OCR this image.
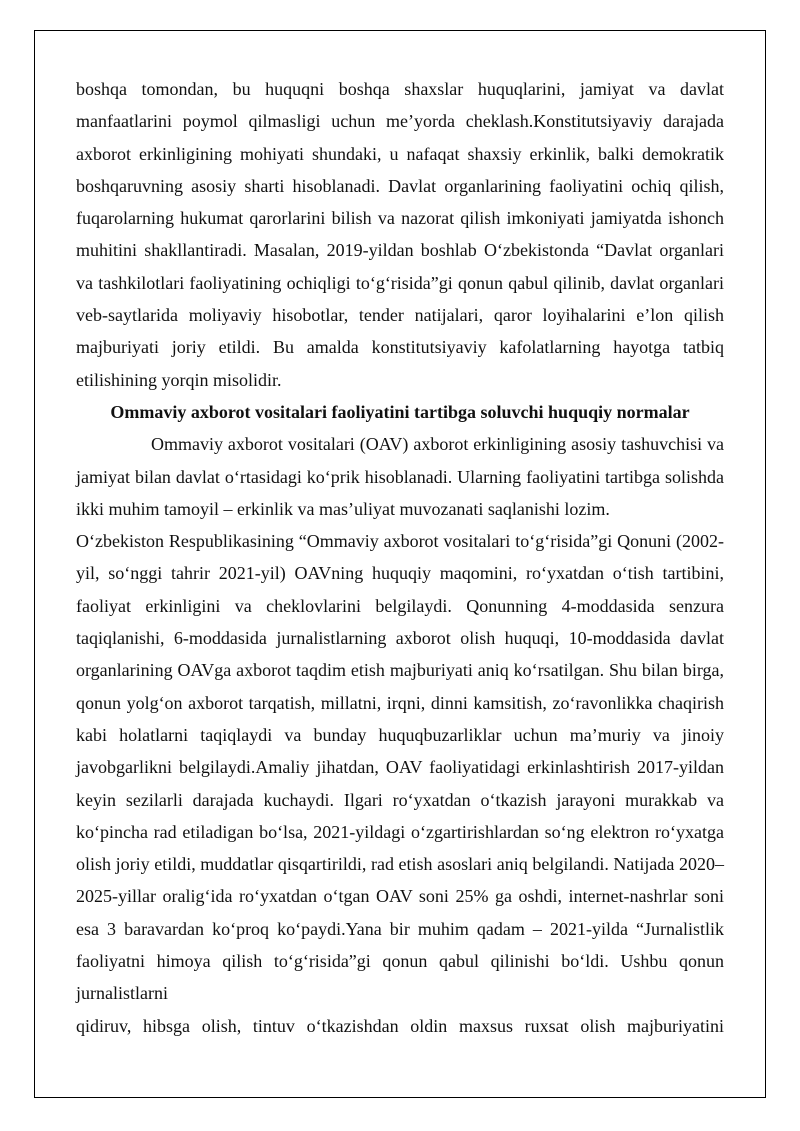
boshqa tomondan, bu huquqni boshqa shaxslar huquqlarini, jamiyat va davlat manfaatlarini poymol qilmasligi uchun me’yorda cheklash.Konstitutsiyaviy darajada axborot erkinligining mohiyati shundaki, u nafaqat shaxsiy erkinlik, balki demokratik boshqaruvning asosiy sharti hisoblanadi. Davlat organlarining faoliyatini ochiq qilish, fuqarolarning hukumat qarorlarini bilish va nazorat qilish imkoniyati jamiyatda ishonch muhitini shakllantiradi. Masalan, 2019-yildan boshlab O‘zbekistonda “Davlat organlari va tashkilotlari faoliyatining ochiqligi to‘g‘risida”gi qonun qabul qilinib, davlat organlari veb-saytlarida moliyaviy hisobotlar, tender natijalari, qaror loyihalarini e’lon qilish majburiyati joriy etildi. Bu amalda konstitutsiyaviy kafolatlarning hayotga tatbiq etilishining yorqin misolidir.

Ommaviy axborot vositalari faoliyatini tartibga soluvchi huquqiy normalar

Ommaviy axborot vositalari (OAV) axborot erkinligining asosiy tashuvchisi va jamiyat bilan davlat o‘rtasidagi ko‘prik hisoblanadi. Ularning faoliyatini tartibga solishda ikki muhim tamoyil – erkinlik va mas’uliyat muvozanati saqlanishi lozim.

O‘zbekiston Respublikasining “Ommaviy axborot vositalari to‘g‘risida”gi Qonuni (2002-yil, so‘nggi tahrir 2021-yil) OAVning huquqiy maqomini, ro‘yxatdan o‘tish tartibini, faoliyat erkinligini va cheklovlarini belgilaydi. Qonunning 4-moddasida senzura taqiqlanishi, 6-moddasida jurnalistlarning axborot olish huquqi, 10-moddasida davlat organlarining OAVga axborot taqdim etish majburiyati aniq ko‘rsatilgan. Shu bilan birga, qonun yolg‘on axborot tarqatish, millatni, irqni, dinni kamsitish, zo‘ravonlikka chaqirish kabi holatlarni taqiqlaydi va bunday huquqbuzarliklar uchun ma’muriy va jinoiy javobgarlikni belgilaydi.Amaliy jihatdan, OAV faoliyatidagi erkinlashtirish 2017-yildan keyin sezilarli darajada kuchaydi. Ilgari ro‘yxatdan o‘tkazish jarayoni murakkab va ko‘pincha rad etiladigan bo‘lsa, 2021-yildagi o‘zgartirishlardan so‘ng elektron ro‘yxatga olish joriy etildi, muddatlar qisqartirildi, rad etish asoslari aniq belgilandi. Natijada 2020–2025-yillar oralig‘ida ro‘yxatdan o‘tgan OAV soni 25% ga oshdi, internet-nashrlar soni esa 3 baravardan ko‘proq ko‘paydi.Yana bir muhim qadam – 2021-yilda “Jurnalistlik faoliyatni himoya qilish to‘g‘risida”gi qonun qabul qilinishi bo‘ldi. Ushbu qonun jurnalistlarni

qidiruv, hibsga olish, tintuv o‘tkazishdan oldin maxsus ruxsat olish majburiyatini
